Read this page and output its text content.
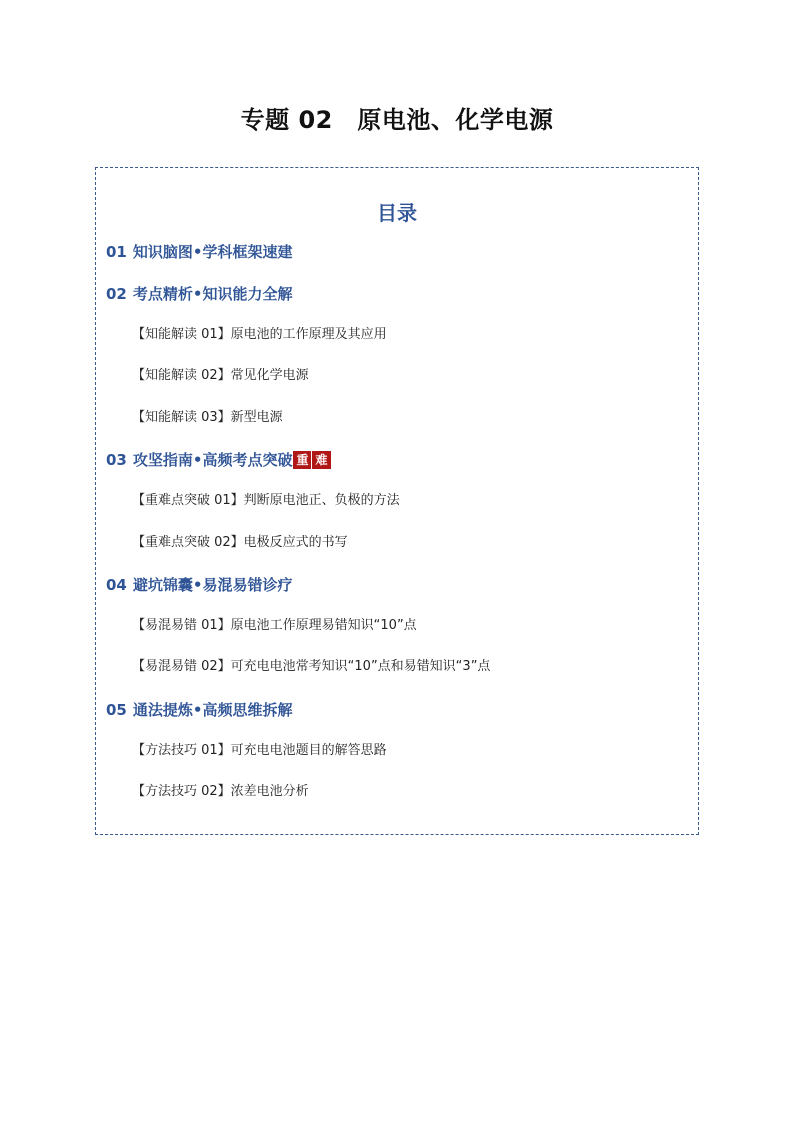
专题 02　原电池、化学电源
目录
01 知识脑图•学科框架速建
02 考点精析•知识能力全解
【知能解读 01】原电池的工作原理及其应用
【知能解读 02】常见化学电源
【知能解读 03】新型电源
03 攻坚指南•高频考点突破 重 难
【重难点突破 01】判断原电池正、负极的方法
【重难点突破 02】电极反应式的书写
04 避坑锦囊•易混易错诊疗
【易混易错 01】原电池工作原理易错知识“10”点
【易混易错 02】可充电电池常考知识“10”点和易错知识“3”点
05 通法提炼•高频思维拆解
【方法技巧 01】可充电电池题目的解答思路
【方法技巧 02】浓差电池分析
